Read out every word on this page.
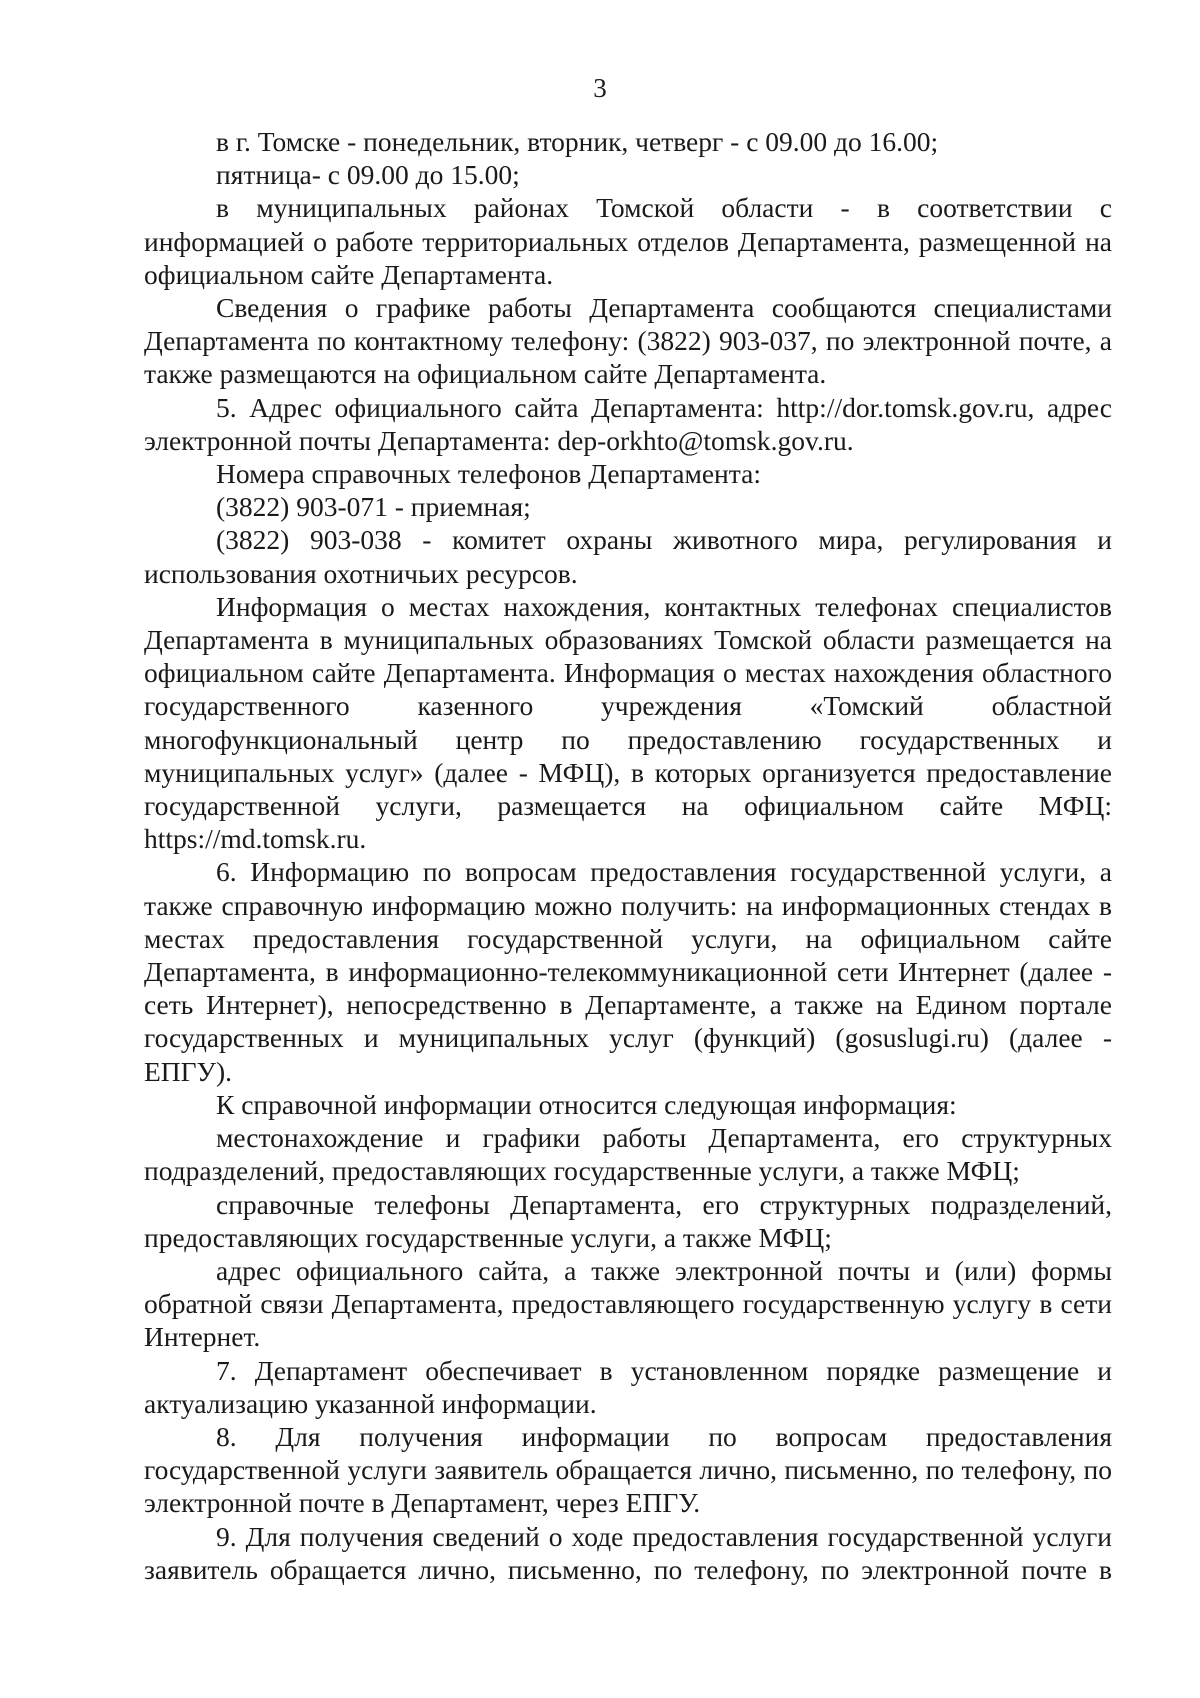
3

в г. Томске - понедельник, вторник, четверг - с 09.00 до 16.00;

пятница- с 09.00 до 15.00;

в муниципальных районах Томской области - в соответствии с информацией о работе территориальных отделов Департамента, размещенной на официальном сайте Департамента.

Сведения о графике работы Департамента сообщаются специалистами Департамента по контактному телефону: (3822) 903-037, по электронной почте, а также размещаются на официальном сайте Департамента.

5. Адрес официального сайта Департамента: http://dor.tomsk.gov.ru, адрес электронной почты Департамента: dep-orkhto@tomsk.gov.ru.

Номера справочных телефонов Департамента:

(3822) 903-071 - приемная;

(3822) 903-038 - комитет охраны животного мира, регулирования и использования охотничьих ресурсов.

Информация о местах нахождения, контактных телефонах специалистов Департамента в муниципальных образованиях Томской области размещается на официальном сайте Департамента. Информация о местах нахождения областного государственного казенного учреждения «Томский областной многофункциональный центр по предоставлению государственных и муниципальных услуг» (далее - МФЦ), в которых организуется предоставление государственной услуги, размещается на официальном сайте МФЦ: https://md.tomsk.ru.

6. Информацию по вопросам предоставления государственной услуги, а также справочную информацию можно получить: на информационных стендах в местах предоставления государственной услуги, на официальном сайте Департамента, в информационно-телекоммуникационной сети Интернет (далее - сеть Интернет), непосредственно в Департаменте, а также на Едином портале государственных и муниципальных услуг (функций) (gosuslugi.ru) (далее - ЕПГУ).

К справочной информации относится следующая информация:

местонахождение и графики работы Департамента, его структурных подразделений, предоставляющих государственные услуги, а также МФЦ;

справочные телефоны Департамента, его структурных подразделений, предоставляющих государственные услуги, а также МФЦ;

адрес официального сайта, а также электронной почты и (или) формы обратной связи Департамента, предоставляющего государственную услугу в сети Интернет.

7. Департамент обеспечивает в установленном порядке размещение и актуализацию указанной информации.

8. Для получения информации по вопросам предоставления государственной услуги заявитель обращается лично, письменно, по телефону, по электронной почте в Департамент, через ЕПГУ.

9. Для получения сведений о ходе предоставления государственной услуги заявитель обращается лично, письменно, по телефону, по электронной почте в
